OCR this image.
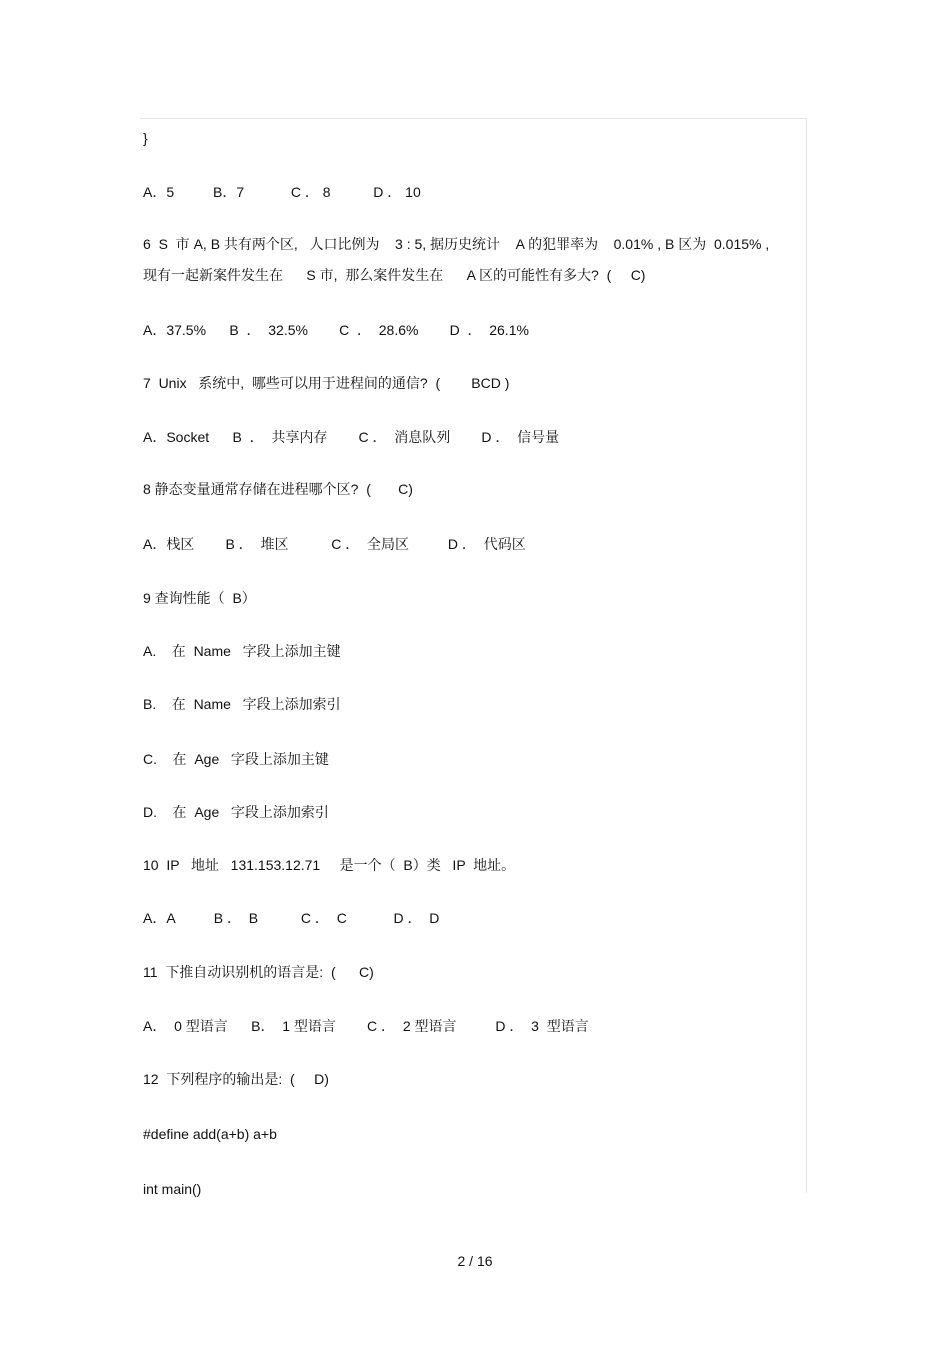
}
A．5          B．7            C ． 8           D ． 10
6  S  市 A, B 共有两个区,   人口比例为    3 : 5, 据历史统计    A 的犯罪率为    0.01% , B 区为  0.015% ,
现有一起新案件发生在      S 市,  那么案件发生在      A 区的可能性有多大?  (     C)
A．37.5%      B  ．  32.5%        C  ．  28.6%        D  ．  26.1%
7  Unix   系统中,  哪些可以用于进程间的通信?  (        BCD )
A．Socket      B  ．  共享内存        C ．  消息队列        D ．  信号量
8 静态变量通常存储在进程哪个区?  (       C)
A．栈区        B ．  堆区           C ．  全局区          D ．  代码区
9 查询性能（  B）
A.    在  Name   字段上添加主键
B.    在  Name   字段上添加索引
C.    在  Age   字段上添加主键
D.    在  Age   字段上添加索引
10  IP   地址   131.153.12.71     是一个（  B）类   IP  地址。
A．A          B ．  B           C ．  C            D ．  D
11  下推自动识别机的语言是:  (      C)
A．  0 型语言      B．  1 型语言        C ．  2 型语言          D ．  3  型语言
12  下列程序的输出是:  (     D)
#define add(a+b) a+b
int main()
2 / 16
